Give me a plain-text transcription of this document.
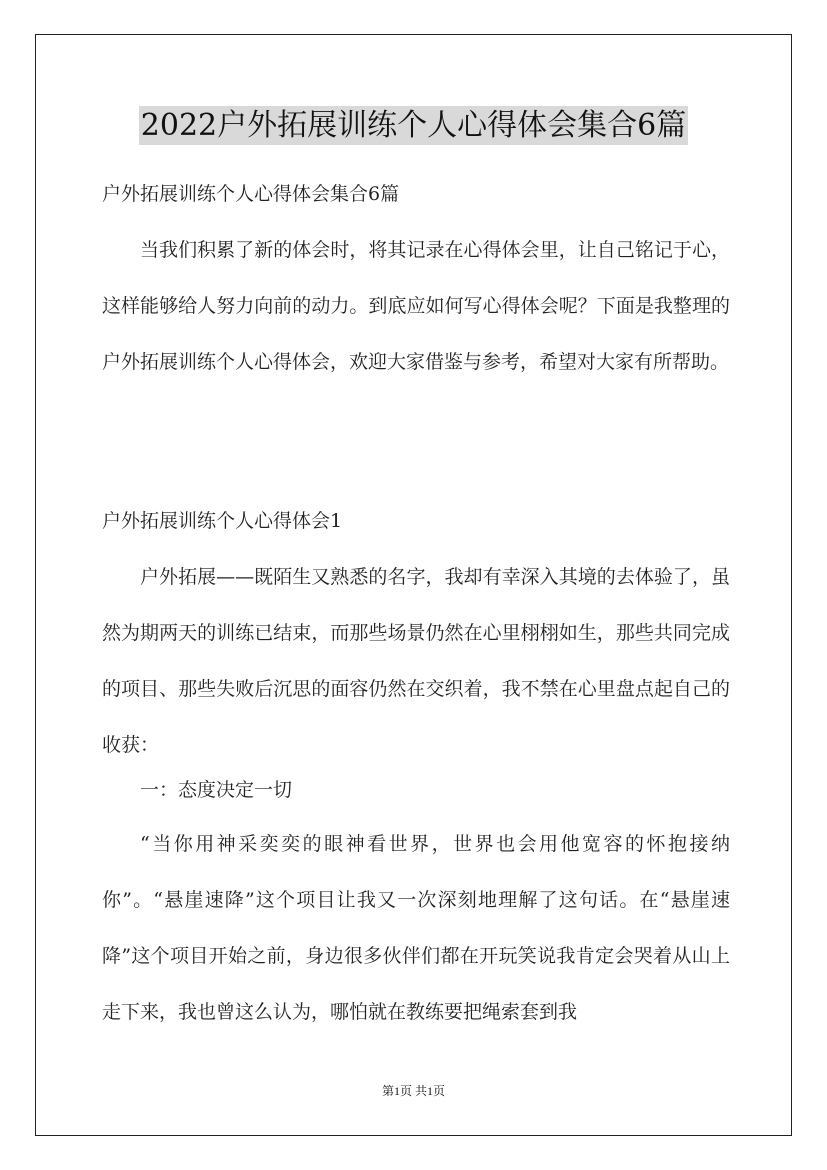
2022户外拓展训练个人心得体会集合6篇

户外拓展训练个人心得体会集合6篇

当我们积累了新的体会时，将其记录在心得体会里，让自己铭记于心，这样能够给人努力向前的动力。到底应如何写心得体会呢？下面是我整理的户外拓展训练个人心得体会，欢迎大家借鉴与参考，希望对大家有所帮助。

户外拓展训练个人心得体会1

户外拓展——既陌生又熟悉的名字，我却有幸深入其境的去体验了，虽然为期两天的训练已结束，而那些场景仍然在心里栩栩如生，那些共同完成的项目、那些失败后沉思的面容仍然在交织着，我不禁在心里盘点起自己的收获：

一：态度决定一切

“当你用神采奕奕的眼神看世界，世界也会用他宽容的怀抱接纳你”。“悬崖速降”这个项目让我又一次深刻地理解了这句话。在“悬崖速降”这个项目开始之前，身边很多伙伴们都在开玩笑说我肯定会哭着从山上走下来，我也曾这么认为，哪怕就在教练要把绳索套到我

第1页 共1页
